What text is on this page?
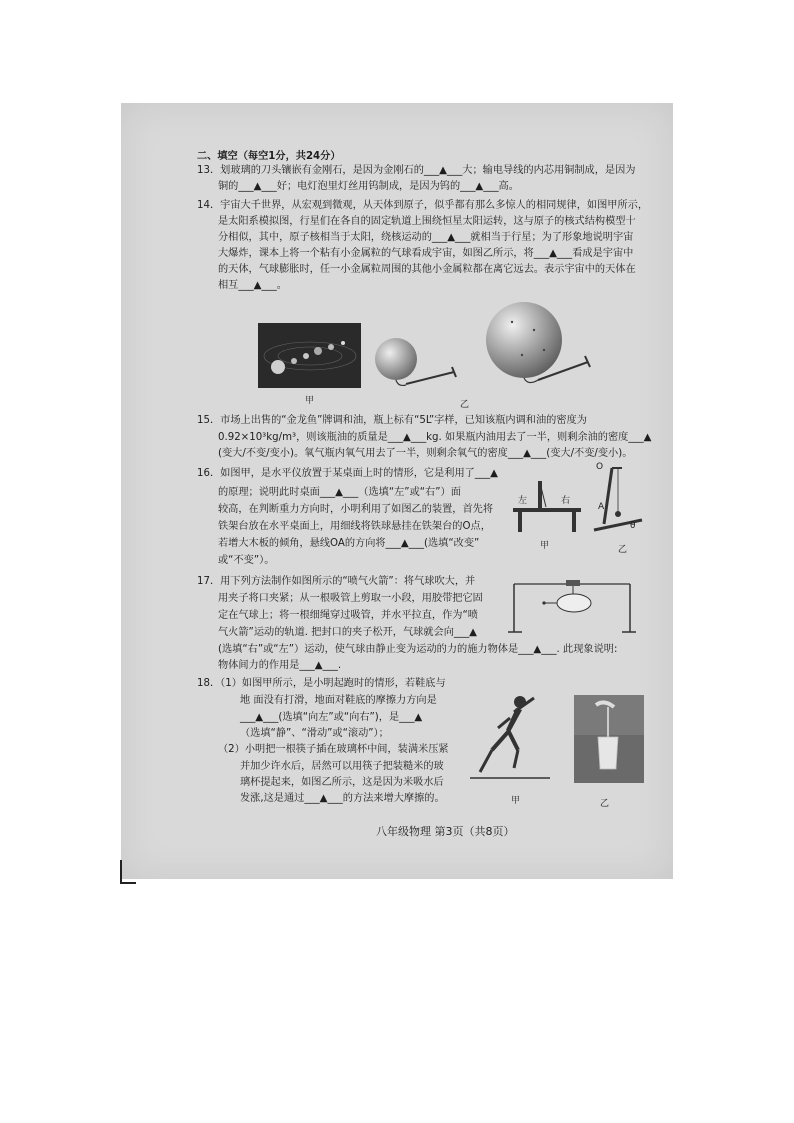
二、填空（每空1分，共24分）
13．划玻璃的刀头镶嵌有金刚石，是因为金刚石的___▲___大；输电导线的内芯用铜制成，是因为
铜的___▲___好；电灯泡里灯丝用钨制成，是因为钨的___▲___高。
14．宇宙大千世界，从宏观到微观，从天体到原子，似乎都有那么多惊人的相同规律，如图甲所示，
是太阳系模拟图，行星们在各自的固定轨道上围绕恒星太阳运转，这与原子的核式结构模型十
分相似，其中，原子核相当于太阳，绕核运动的___▲___就相当于行星；为了形象地说明宇宙
大爆炸，课本上将一个粘有小金属粒的气球看成宇宙，如图乙所示，将___▲___看成是宇宙中
的天体，气球膨胀时，任一小金属粒周围的其他小金属粒都在离它远去。表示宇宙中的天体在
相互___▲___。
甲	乙
15．市场上出售的“金龙鱼”牌调和油，瓶上标有“5L”字样，已知该瓶内调和油的密度为
0.92×10³kg/m³，则该瓶油的质量是___▲___kg. 如果瓶内油用去了一半，则剩余油的密度___▲
(变大/不变/变小)。氧气瓶内氧气用去了一半，则剩余氧气的密度___▲___(变大/不变/变小)。
16．如图甲，是水平仪放置于某桌面上时的情形，它是利用了___▲
的原理；说明此时桌面___▲___（选填“左”或“右”）面
较高，在判断重力方向时，小明利用了如图乙的装置，首先将
铁架台放在水平桌面上，用细线将铁球悬挂在铁架台的O点，
若增大木板的倾角，悬线OA的方向将___▲___(选填“改变”
或“不变”）。
左	右
甲
O
A
θ
乙
17．用下列方法制作如图所示的“喷气火箭”：将气球吹大，并
用夹子将口夹紧；从一根吸管上剪取一小段，用胶带把它固
定在气球上；将一根细绳穿过吸管，并水平拉直，作为“喷
气火箭”运动的轨道. 把封口的夹子松开，气球就会向___▲
(选填“右”或“左”）运动，使气球由静止变为运动的力的施力物体是___▲___. 此现象说明:
物体间力的作用是___▲___.
18．（1）如图甲所示，是小明起跑时的情形，若鞋底与
地 面没有打滑，地面对鞋底的摩擦力方向是
___▲___(选填“向左”或“向右”)，是___▲
（选填“静”、“滑动”或“滚动”）；
（2）小明把一根筷子插在玻璃杯中间，装满米压紧
并加少许水后，居然可以用筷子把装糙米的玻
璃杯提起来，如图乙所示，这是因为米吸水后
发涨,这是通过___▲___的方法来增大摩擦的。	甲	乙
八年级物理 第3页（共8页）
